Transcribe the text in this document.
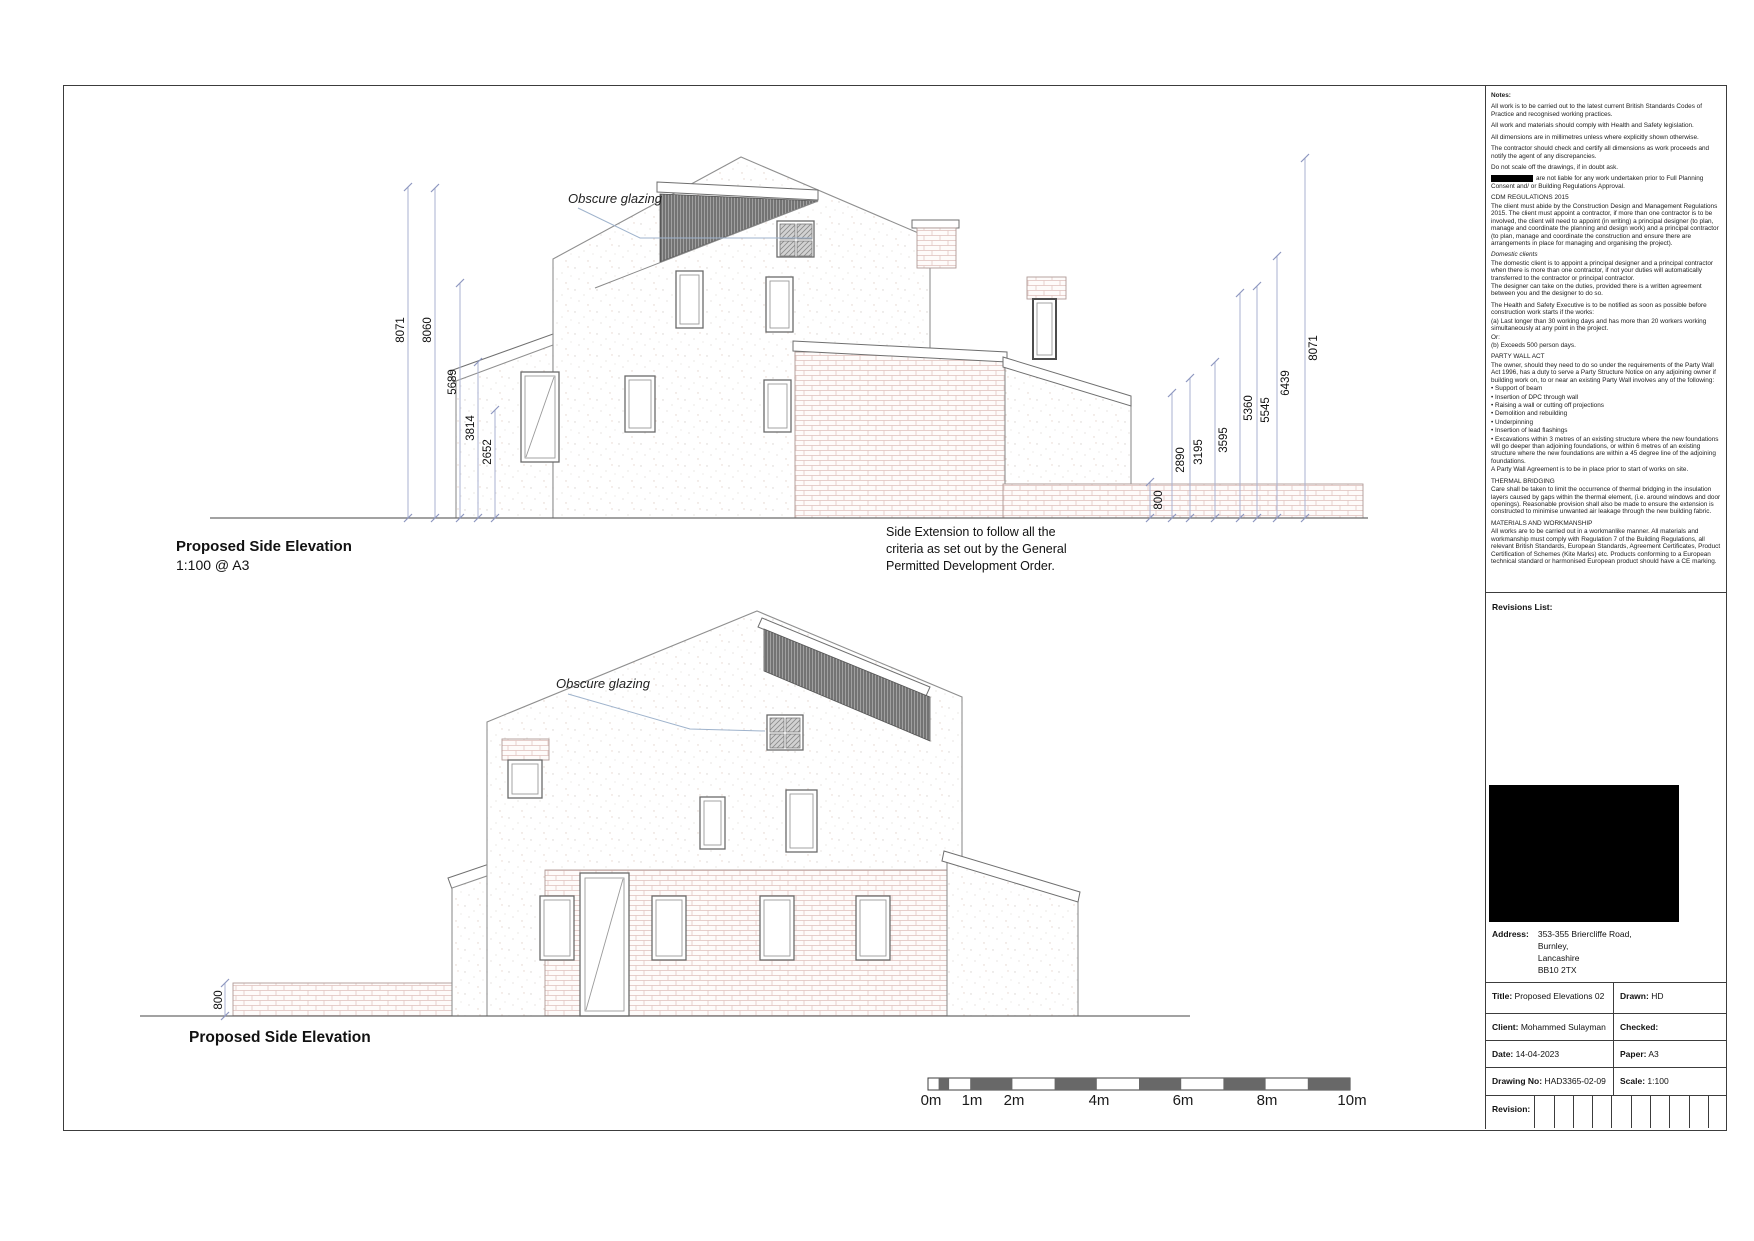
8071 8060
5689
3814
2652
800
2890 3195 3595
5360 5545
6439
8071
800
0m 1m 2m	4m	6m	8m	10m
Obscure glazing
Obscure glazing
Proposed Side Elevation
1:100 @ A3
Side Extension to follow all the criteria as set out by the General Permitted Development Order.
Proposed Side Elevation

Notes:

All work is to be carried out to the latest current British Standards Codes of Practice and recognised working practices.

All work and materials should comply with Health and Safety legislation.

All dimensions are in millimetres unless where explicitly shown otherwise.

The contractor should check and certify all dimensions as work proceeds and notify the agent of any discrepancies.

Do not scale off the drawings, if in doubt ask.

are not liable for any work undertaken prior to Full Planning Consent and/ or Building Regulations Approval.

CDM REGULATIONS 2015

The client must abide by the Construction Design and Management Regulations 2015. The client must appoint a contractor, if more than one contractor is to be involved, the client will need to appoint (in writing) a principal designer (to plan, manage and coordinate the planning and design work) and a principal contractor (to plan, manage and coordinate the construction and ensure there are arrangements in place for managing and organising the project).

Domestic clients

The domestic client is to appoint a principal designer and a principal contractor when there is more than one contractor, if not your duties will automatically transferred to the contractor or principal contractor.

The designer can take on the duties, provided there is a written agreement between you and the designer to do so.

The Health and Safety Executive is to be notified as soon as possible before construction work starts if the works:

(a) Last longer than 30 working days and has more than 20 workers working simultaneously at any point in the project.

Or:

(b) Exceeds 500 person days.

PARTY WALL ACT

The owner, should they need to do so under the requirements of the Party Wall Act 1996, has a duty to serve a Party Structure Notice on any adjoining owner if building work on, to or near an existing Party Wall involves any of the following:

• Support of beam

• Insertion of DPC through wall

• Raising a wall or cutting off projections

• Demolition and rebuilding

• Underpinning

• Insertion of lead flashings

• Excavations within 3 metres of an existing structure where the new foundations will go deeper than adjoining foundations, or within 6 metres of an existing structure where the new foundations are within a 45 degree line of the adjoining foundations.

A Party Wall Agreement is to be in place prior to start of works on site.

THERMAL BRIDGING

Care shall be taken to limit the occurrence of thermal bridging in the insulation layers caused by gaps within the thermal element, (i.e. around windows and door openings). Reasonable provision shall also be made to ensure the extension is constructed to minimise unwanted air leakage through the new building fabric.

MATERIALS AND WORKMANSHIP

All works are to be carried out in a workmanlike manner. All materials and workmanship must comply with Regulation 7 of the Building Regulations, all relevant British Standards, European Standards, Agreement Certificates, Product Certification of Schemes (Kite Marks) etc. Products conforming to a European technical standard or harmonised European product should have a CE marking.

Revisions List:
Address: 353-355 Briercliffe Road,
Burnley,
Lancashire
BB10 2TX
Title: Proposed Elevations 02	Drawn: HD
Client: Mohammed Sulayman	Checked:
Date: 14-04-2023	Paper: A3
Drawing No: HAD3365-02-09	Scale: 1:100
Revision:
